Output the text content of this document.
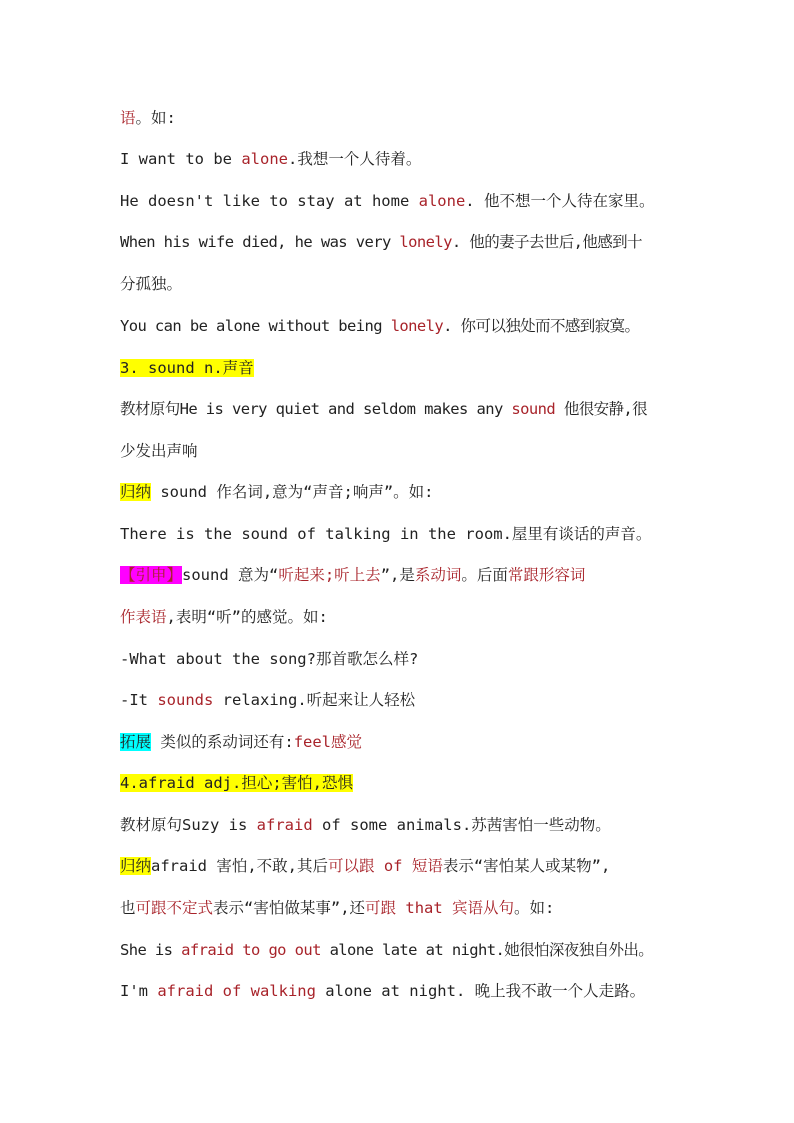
语。如:
I want to be alone.我想一个人待着。
He doesn't like to stay at home alone. 他不想一个人待在家里。
When his wife died, he was very lonely. 他的妻子去世后,他感到十
分孤独。
You can be alone without being lonely. 你可以独处而不感到寂寞。
3. sound n.声音
教材原句He is very quiet and seldom makes any sound 他很安静,很
少发出声响
归纳 sound 作名词,意为“声音;响声”。如:
There is the sound of talking in the room.屋里有谈话的声音。
【引申】sound 意为“听起来;听上去”,是系动词。后面常跟形容词
作表语,表明“听”的感觉。如:
-What about the song?那首歌怎么样?
-It sounds relaxing.听起来让人轻松
拓展 类似的系动词还有:feel感觉
4.afraid adj.担心;害怕,恐惧
教材原句Suzy is afraid of some animals.苏茜害怕一些动物。
归纳afraid 害怕,不敢,其后可以跟 of 短语表示“害怕某人或某物”,
也可跟不定式表示“害怕做某事”,还可跟 that 宾语从句。如:
She is afraid to go out alone late at night.她很怕深夜独自外出。
I'm afraid of walking alone at night. 晚上我不敢一个人走路。
